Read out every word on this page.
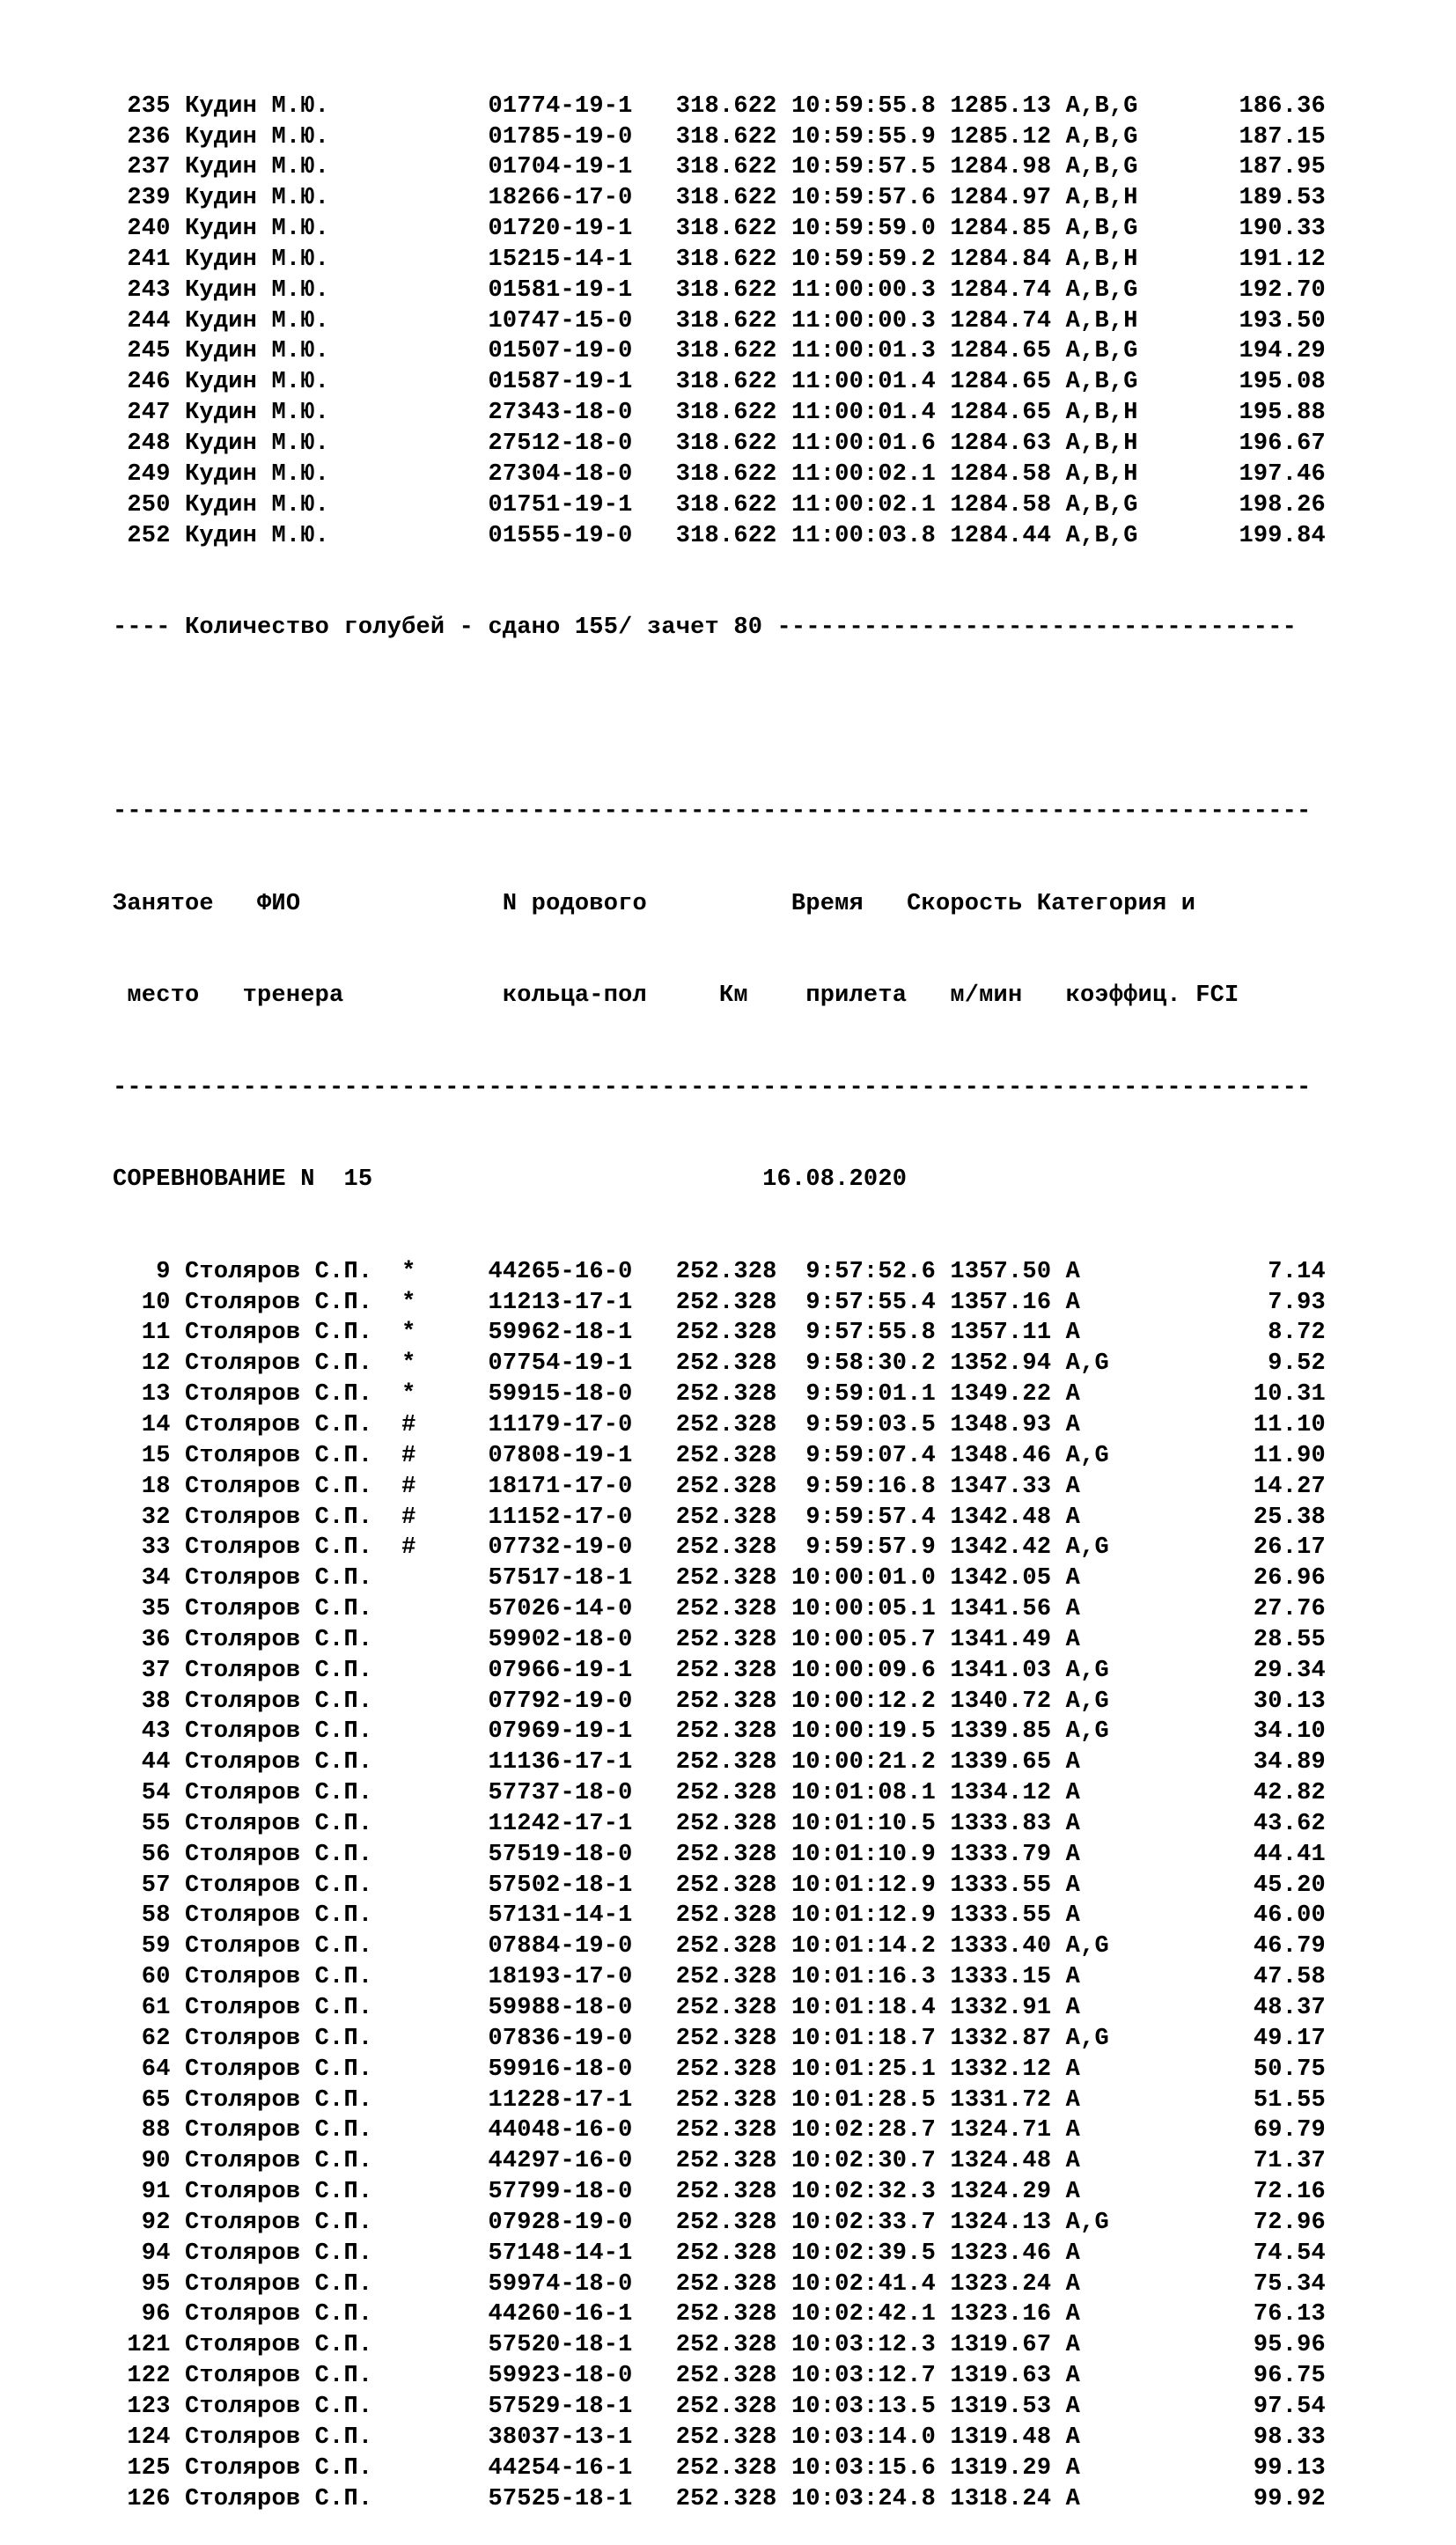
235 Кудин М.Ю.	01774-19-1 318.622 10:59:55.8 1285.13 A,B,G       186.36
236 Кудин М.Ю.	01785-19-0 318.622 10:59:55.9 1285.12 A,B,G       187.15
237 Кудин М.Ю.	01704-19-1 318.622 10:59:57.5 1284.98 A,B,G       187.95
239 Кудин М.Ю.	18266-17-0 318.622 10:59:57.6 1284.97 A,B,H       189.53
240 Кудин М.Ю.	01720-19-1 318.622 10:59:59.0 1284.85 A,B,G       190.33
241 Кудин М.Ю.	15215-14-1 318.622 10:59:59.2 1284.84 A,B,H       191.12
243 Кудин М.Ю.	01581-19-1 318.622 11:00:00.3 1284.74 A,B,G       192.70
244 Кудин М.Ю.	10747-15-0 318.622 11:00:00.3 1284.74 A,B,H       193.50
245 Кудин М.Ю.	01507-19-0 318.622 11:00:01.3 1284.65 A,B,G       194.29
246 Кудин М.Ю.	01587-19-1 318.622 11:00:01.4 1284.65 A,B,G       195.08
247 Кудин М.Ю.	27343-18-0 318.622 11:00:01.4 1284.65 A,B,H       195.88
248 Кудин М.Ю.	27512-18-0 318.622 11:00:01.6 1284.63 A,B,H       196.67
249 Кудин М.Ю.	27304-18-0 318.622 11:00:02.1 1284.58 A,B,H       197.46
250 Кудин М.Ю.	01751-19-1 318.622 11:00:02.1 1284.58 A,B,G       198.26
252 Кудин М.Ю.	01555-19-0 318.622 11:00:03.8 1284.44 A,B,G       199.84

---- Количество голубей - сдано 155/ зачет 80 ------------------------------------

-----------------------------------------------------------------------------------

Занятое   ФИО              N родового          Время   Скорость Категория и

место   тренера           кольца-пол     Км    прилета   м/мин   коэффиц. FCI

-----------------------------------------------------------------------------------

СОРЕВНОВАНИЕ N  15                           16.08.2020

9 Столяров С.П.  *     44265-16-0 252.328  9:57:52.6 1357.50 A             7.14
10 Столяров С.П.  *     11213-17-1 252.328  9:57:55.4 1357.16 A             7.93
11 Столяров С.П.  *     59962-18-1 252.328  9:57:55.8 1357.11 A             8.72
12 Столяров С.П.  *     07754-19-1 252.328  9:58:30.2 1352.94 A,G           9.52
13 Столяров С.П.  *     59915-18-0 252.328  9:59:01.1 1349.22 A            10.31
14 Столяров С.П.  #     11179-17-0 252.328  9:59:03.5 1348.93 A            11.10
15 Столяров С.П.  #     07808-19-1 252.328  9:59:07.4 1348.46 A,G          11.90
18 Столяров С.П.  #     18171-17-0 252.328  9:59:16.8 1347.33 A            14.27
32 Столяров С.П.  #     11152-17-0 252.328  9:59:57.4 1342.48 A            25.38
33 Столяров С.П.  #     07732-19-0 252.328  9:59:57.9 1342.42 A,G          26.17
34 Столяров С.П.	57517-18-1 252.328 10:00:01.0 1342.05 A            26.96
35 Столяров С.П.	57026-14-0 252.328 10:00:05.1 1341.56 A            27.76
36 Столяров С.П.	59902-18-0 252.328 10:00:05.7 1341.49 A            28.55
37 Столяров С.П.	07966-19-1 252.328 10:00:09.6 1341.03 A,G          29.34
38 Столяров С.П.	07792-19-0 252.328 10:00:12.2 1340.72 A,G          30.13
43 Столяров С.П.	07969-19-1 252.328 10:00:19.5 1339.85 A,G          34.10
44 Столяров С.П.	11136-17-1 252.328 10:00:21.2 1339.65 A            34.89
54 Столяров С.П.	57737-18-0 252.328 10:01:08.1 1334.12 A            42.82
55 Столяров С.П.	11242-17-1 252.328 10:01:10.5 1333.83 A            43.62
56 Столяров С.П.	57519-18-0 252.328 10:01:10.9 1333.79 A            44.41
57 Столяров С.П.	57502-18-1 252.328 10:01:12.9 1333.55 A            45.20
58 Столяров С.П.	57131-14-1 252.328 10:01:12.9 1333.55 A            46.00
59 Столяров С.П.	07884-19-0 252.328 10:01:14.2 1333.40 A,G          46.79
60 Столяров С.П.	18193-17-0 252.328 10:01:16.3 1333.15 A            47.58
61 Столяров С.П.	59988-18-0 252.328 10:01:18.4 1332.91 A            48.37
62 Столяров С.П.	07836-19-0 252.328 10:01:18.7 1332.87 A,G          49.17
64 Столяров С.П.	59916-18-0 252.328 10:01:25.1 1332.12 A            50.75
65 Столяров С.П.	11228-17-1 252.328 10:01:28.5 1331.72 A            51.55
88 Столяров С.П.	44048-16-0 252.328 10:02:28.7 1324.71 A            69.79
90 Столяров С.П.	44297-16-0 252.328 10:02:30.7 1324.48 A            71.37
91 Столяров С.П.	57799-18-0 252.328 10:02:32.3 1324.29 A            72.16
92 Столяров С.П.	07928-19-0 252.328 10:02:33.7 1324.13 A,G          72.96
94 Столяров С.П.	57148-14-1 252.328 10:02:39.5 1323.46 A            74.54
95 Столяров С.П.	59974-18-0 252.328 10:02:41.4 1323.24 A            75.34
96 Столяров С.П.	44260-16-1 252.328 10:02:42.1 1323.16 A            76.13
121 Столяров С.П.	57520-18-1 252.328 10:03:12.3 1319.67 A            95.96
122 Столяров С.П.	59923-18-0 252.328 10:03:12.7 1319.63 A            96.75
123 Столяров С.П.	57529-18-1 252.328 10:03:13.5 1319.53 A            97.54
124 Столяров С.П.	38037-13-1 252.328 10:03:14.0 1319.48 A            98.33
125 Столяров С.П.	44254-16-1 252.328 10:03:15.6 1319.29 A            99.13
126 Столяров С.П.	57525-18-1 252.328 10:03:24.8 1318.24 A            99.92
